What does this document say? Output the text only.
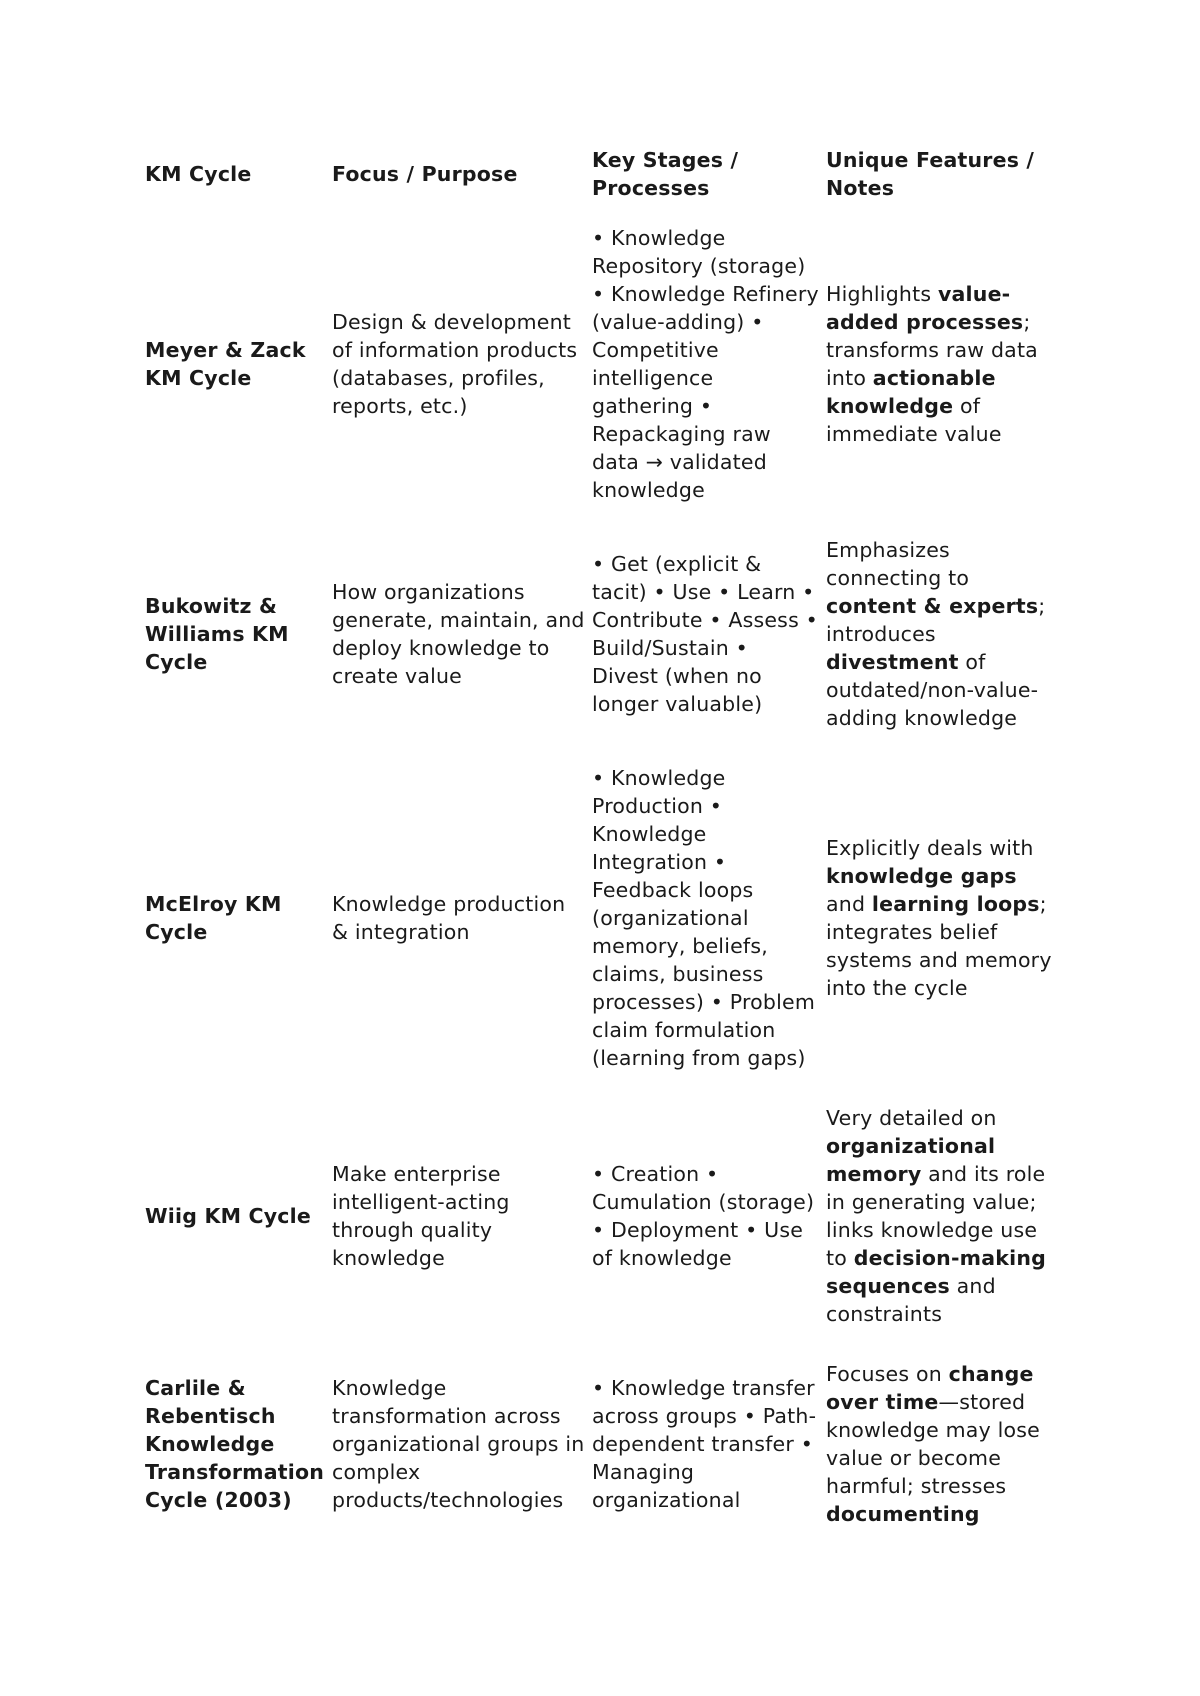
KM Cycle	Focus / Purpose	Key Stages / Processes	Unique Features / Notes

Meyer & Zack KM Cycle	Design & development of information products (databases, profiles, reports, etc.)	• Knowledge Repository (storage) • Knowledge Refinery (value-adding) • Competitive intelligence gathering • Repackaging raw data → validated knowledge	Highlights value-added processes; transforms raw data into actionable knowledge of immediate value

Bukowitz & Williams KM Cycle	How organizations generate, maintain, and deploy knowledge to create value	• Get (explicit & tacit) • Use • Learn • Contribute • Assess • Build/Sustain • Divest (when no longer valuable)	Emphasizes connecting to content & experts; introduces divestment of outdated/non-value-adding knowledge

McElroy KM Cycle	Knowledge production & integration	• Knowledge Production • Knowledge Integration • Feedback loops (organizational memory, beliefs, claims, business processes) • Problem claim formulation (learning from gaps)	Explicitly deals with knowledge gaps and learning loops; integrates belief systems and memory into the cycle

Wiig KM Cycle	Make enterprise intelligent-acting through quality knowledge	• Creation • Cumulation (storage) • Deployment • Use of knowledge	Very detailed on organizational memory and its role in generating value; links knowledge use to decision-making sequences and constraints

Carlile & Rebentisch Knowledge Transformation Cycle (2003)	Knowledge transformation across organizational groups in complex products/technologies	• Knowledge transfer across groups • Path-dependent transfer • Managing organizational	Focuses on change over time—stored knowledge may lose value or become harmful; stresses documenting
